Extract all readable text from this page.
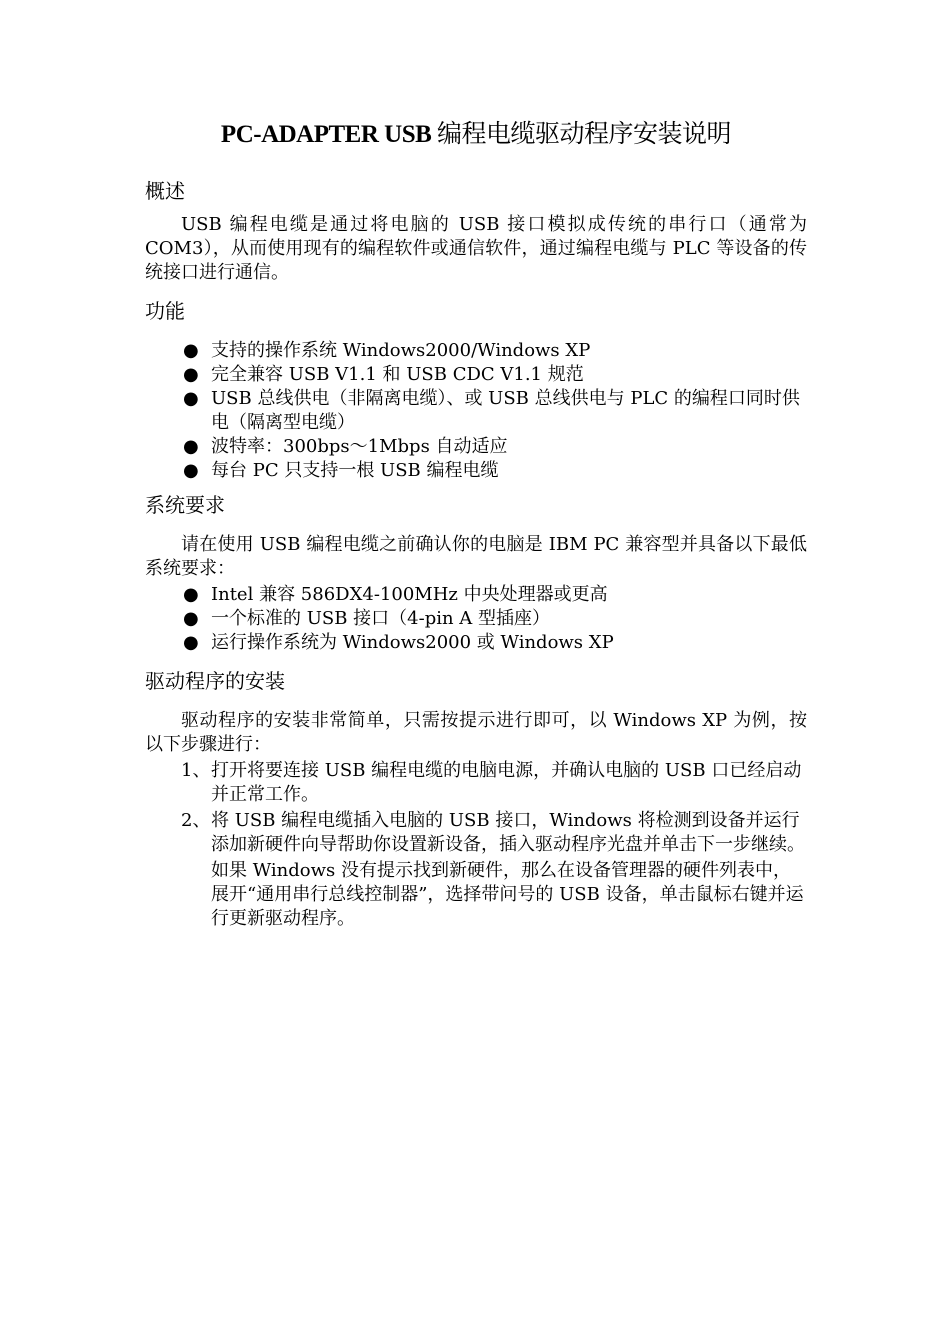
PC-ADAPTER USB 编程电缆驱动程序安装说明
概述

USB 编程电缆是通过将电脑的 USB 接口模拟成传统的串行口（通常为COM3），从而使用现有的编程软件或通信软件，通过编程电缆与 PLC 等设备的传统接口进行通信。

功能
● 支持的操作系统 Windows2000/Windows XP
● 完全兼容 USB V1.1 和 USB CDC V1.1 规范
● USB 总线供电（非隔离电缆）、或 USB 总线供电与 PLC 的编程口同时供电（隔离型电缆）
● 波特率：300bps～1Mbps 自动适应
● 每台 PC 只支持一根 USB 编程电缆
系统要求

请在使用 USB 编程电缆之前确认你的电脑是 IBM PC 兼容型并具备以下最低系统要求：

● Intel 兼容 586DX4-100MHz 中央处理器或更高
● 一个标准的 USB 接口（4-pin A 型插座）
● 运行操作系统为 Windows2000 或 Windows XP
驱动程序的安装

驱动程序的安装非常简单，只需按提示进行即可，以 Windows XP 为例，按以下步骤进行：

1、 打开将要连接 USB 编程电缆的电脑电源，并确认电脑的 USB 口已经启动并正常工作。
2、 将 USB 编程电缆插入电脑的 USB 接口，Windows 将检测到设备并运行添加新硬件向导帮助你设置新设备，插入驱动程序光盘并单击下一步继续。
如果 Windows 没有提示找到新硬件，那么在设备管理器的硬件列表中，展开“通用串行总线控制器”，选择带问号的 USB 设备，单击鼠标右键并运行更新驱动程序。
